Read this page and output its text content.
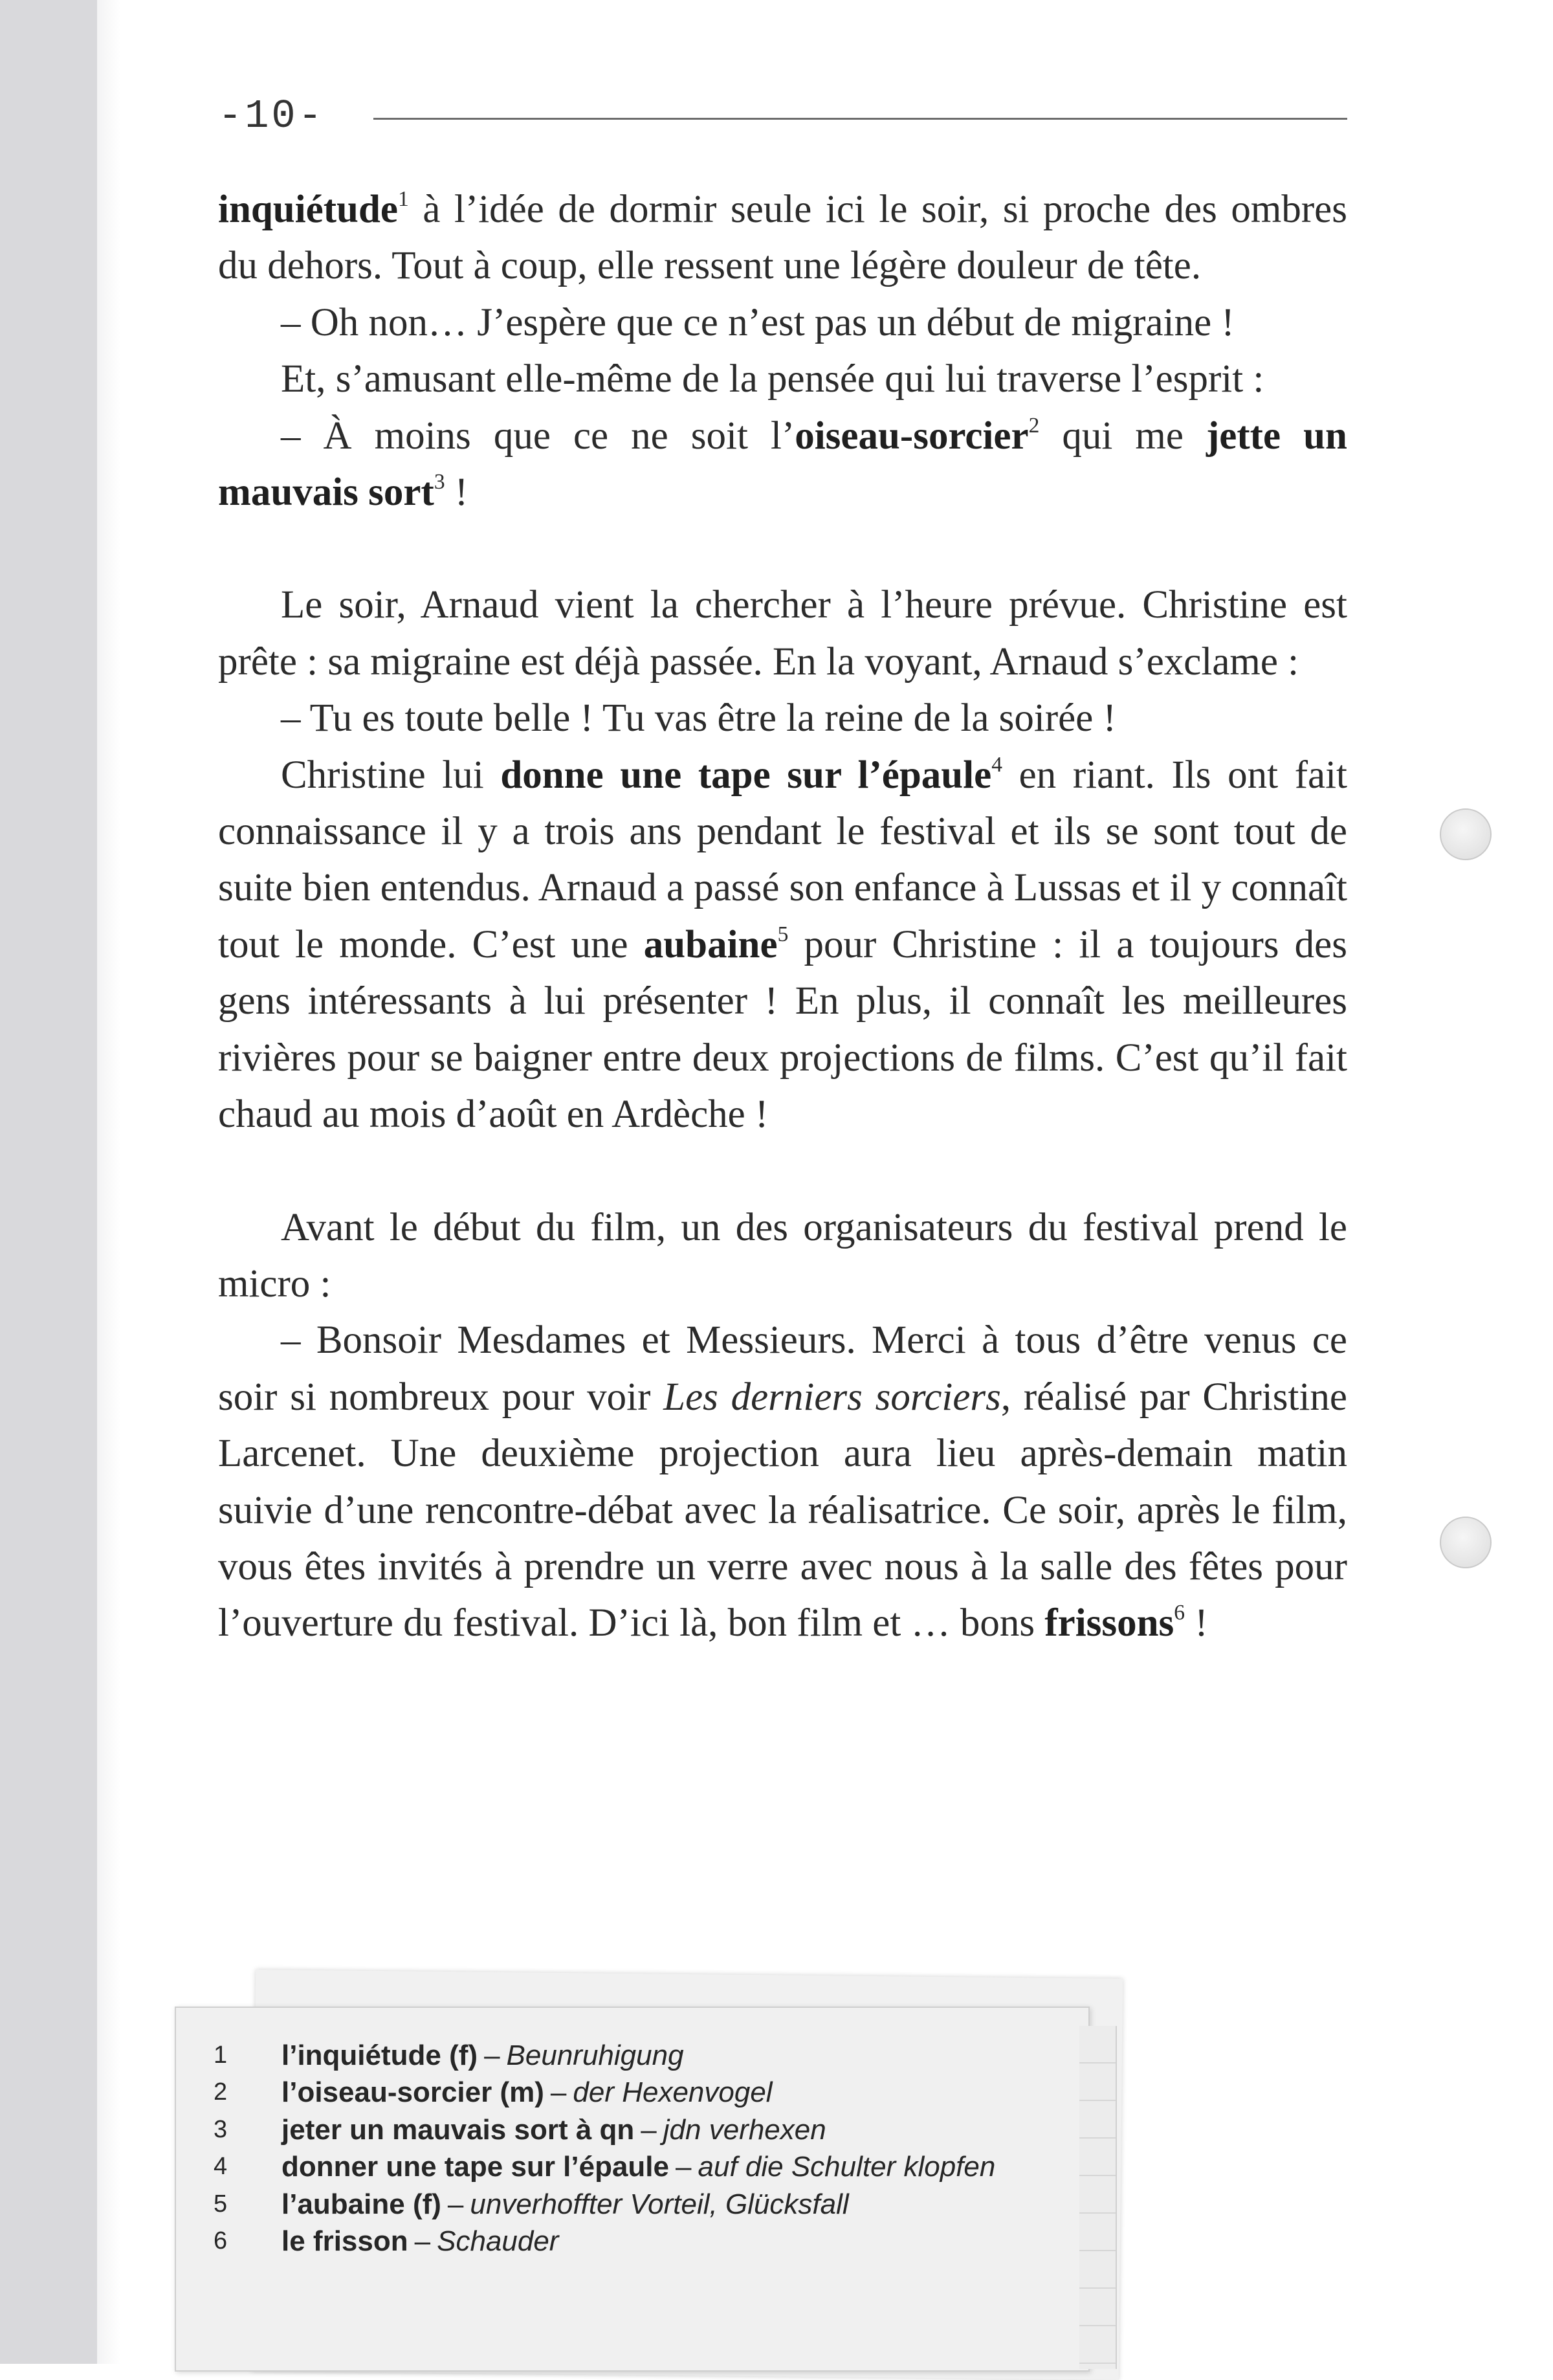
-10-

inquiétude$^1$ à l’idée de dormir seule ici le soir, si proche des ombres du dehors. Tout à coup, elle ressent une légère douleur de tête.

– Oh non… J’espère que ce n’est pas un début de migraine !

Et, s’amusant elle-même de la pensée qui lui traverse l’esprit :

– À moins que ce ne soit l’oiseau-sorcier$^2$ qui me jette un mauvais sort$^3$ !

Le soir, Arnaud vient la chercher à l’heure prévue. Christine est prête : sa migraine est déjà passée. En la voyant, Arnaud s’exclame :

– Tu es toute belle ! Tu vas être la reine de la soirée !

Christine lui donne une tape sur l’épaule$^4$ en riant. Ils ont fait connaissance il y a trois ans pendant le festival et ils se sont tout de suite bien entendus. Arnaud a passé son enfance à Lussas et il y connaît tout le monde. C’est une aubaine$^5$ pour Christine : il a toujours des gens intéressants à lui présenter ! En plus, il connaît les meilleures rivières pour se baigner entre deux projections de films. C’est qu’il fait chaud au mois d’août en Ardèche !

Avant le début du film, un des organisateurs du festival prend le micro :

– Bonsoir Mesdames et Messieurs. Merci à tous d’être venus ce soir si nombreux pour voir Les derniers sorciers, réalisé par Christine Larcenet. Une deuxième projection aura lieu après-demain matin suivie d’une rencontre-débat avec la réalisatrice. Ce soir, après le film, vous êtes invités à prendre un verre avec nous à la salle des fêtes pour l’ouverture du festival. D’ici là, bon film et … bons frissons$^6$ !

1	l’inquiétude (f) – Beunruhigung
2	l’oiseau-sorcier (m) – der Hexenvogel
3	jeter un mauvais sort à qn – jdn verhexen
4	donner une tape sur l’épaule – auf die Schulter klopfen
5	l’aubaine (f) – unverhoffter Vorteil, Glücksfall
6	le frisson – Schauder
